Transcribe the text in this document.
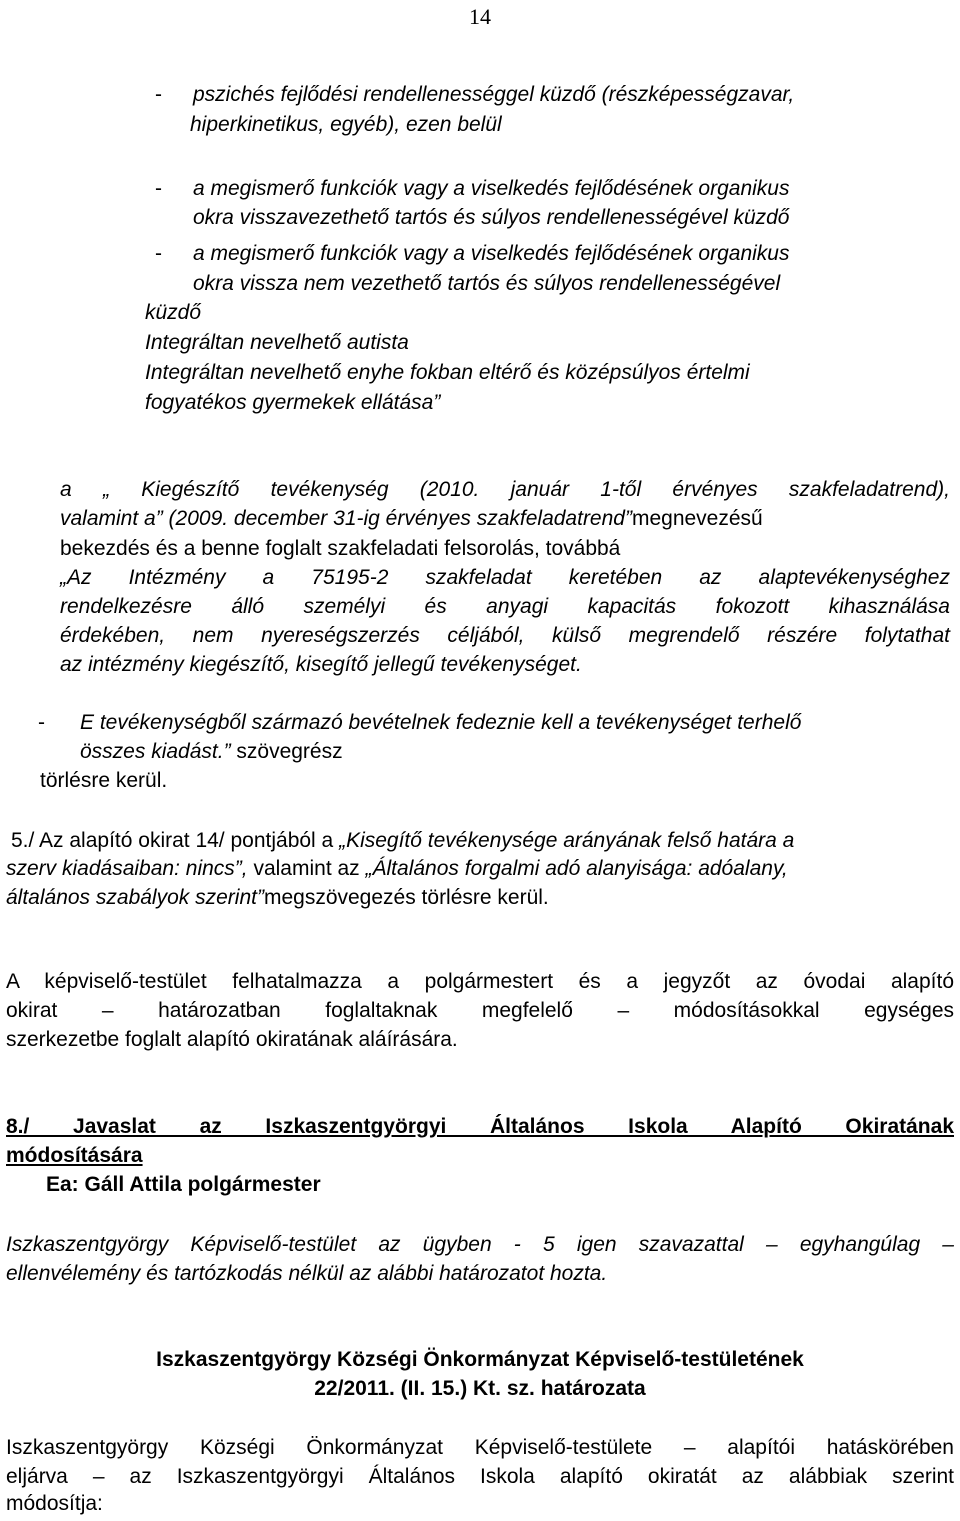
14
- pszichés fejlődési rendellenességgel küzdő (részképességzavar,
hiperkinetikus, egyéb), ezen belül
- a megismerő funkciók vagy a viselkedés fejlődésének organikus
okra visszavezethető tartós és súlyos rendellenességével küzdő
- a megismerő funkciók vagy a viselkedés fejlődésének organikus
okra vissza nem vezethető tartós és súlyos rendellenességével
küzdő
Integráltan nevelhető autista
Integráltan nevelhető enyhe fokban eltérő és középsúlyos értelmi
fogyatékos gyermekek ellátása”
a „ Kiegészítő tevékenység (2010. január 1-től érvényes szakfeladatrend),
valamint a” (2009. december 31-ig érvényes szakfeladatrend”megnevezésű
bekezdés és a benne foglalt szakfeladati felsorolás, továbbá
„Az Intézmény a 75195-2 szakfeladat keretében az alaptevékenységhez
rendelkezésre álló személyi és anyagi kapacitás fokozott kihasználása
érdekében, nem nyereségszerzés céljából, külső megrendelő részére folytathat
az intézmény kiegészítő, kisegítő jellegű tevékenységet.
- E tevékenységből származó bevételnek fedeznie kell a tevékenységet terhelő
összes kiadást.” szövegrész
törlésre kerül.
5./ Az alapító okirat 14/ pontjából a „Kisegítő tevékenysége arányának felső határa a
szerv kiadásaiban: nincs”, valamint az „Általános forgalmi adó alanyisága: adóalany,
általános szabályok szerint”megszövegezés törlésre kerül.
A képviselő-testület felhatalmazza a polgármestert és a jegyzőt az óvodai alapító
okirat – határozatban foglaltaknak megfelelő – módosításokkal egységes
szerkezetbe foglalt alapító okiratának aláírására.
8./ Javaslat az Iszkaszentgyörgyi Általános Iskola Alapító Okiratának
módosítására
Ea: Gáll Attila polgármester
Iszkaszentgyörgy Képviselő-testület az ügyben - 5 igen szavazattal – egyhangúlag –
ellenvélemény és tartózkodás nélkül az alábbi határozatot hozta.
Iszkaszentgyörgy Községi Önkormányzat Képviselő-testületének
22/2011. (II. 15.) Kt. sz. határozata
Iszkaszentgyörgy Községi Önkormányzat Képviselő-testülete – alapítói hatáskörében
eljárva – az Iszkaszentgyörgyi Általános Iskola alapító okiratát az alábbiak szerint
módosítja:
